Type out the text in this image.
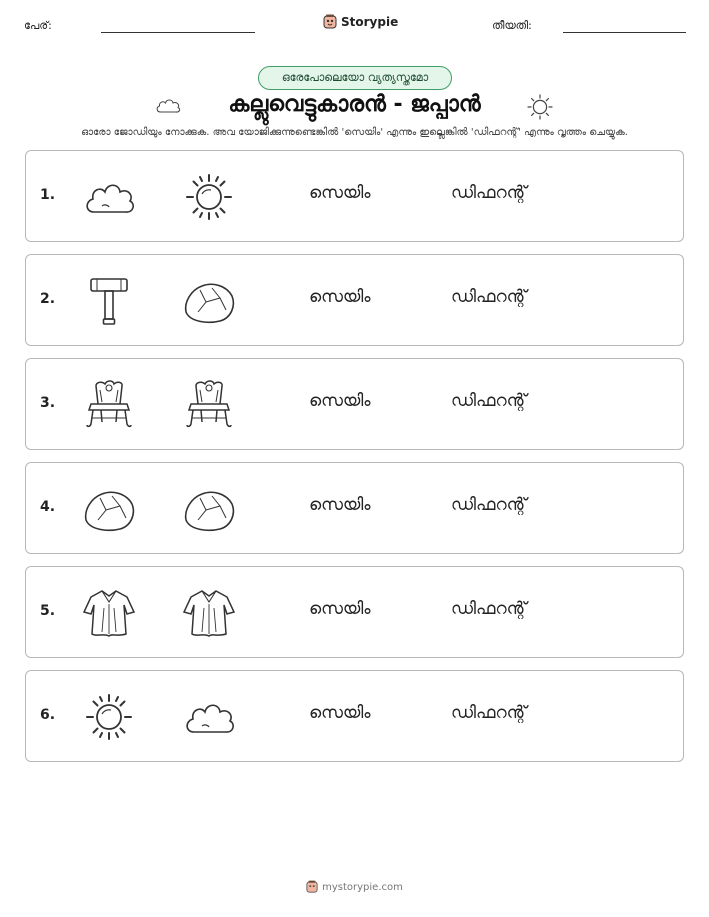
പേര്:	Storypie	തീയതി:
ഒരേപോലെയോ വ്യത്യസ്തമോ
കല്ലുവെട്ടുകാരൻ - ജപ്പാൻ
ഓരോ ജോഡിയും നോക്കുക. അവ യോജിക്കുന്നുണ്ടെങ്കിൽ 'സെയിം' എന്നും ഇല്ലെങ്കിൽ 'ഡിഫറന്റ്' എന്നും വൃത്തം ചെയ്യുക.
1.	സെയിം	ഡിഫറന്റ്
2.	സെയിം	ഡിഫറന്റ്
3.	സെയിം	ഡിഫറന്റ്
4.	സെയിം	ഡിഫറന്റ്
5.	സെയിം	ഡിഫറന്റ്
6.	സെയിം	ഡിഫറന്റ്
mystorypie.com
